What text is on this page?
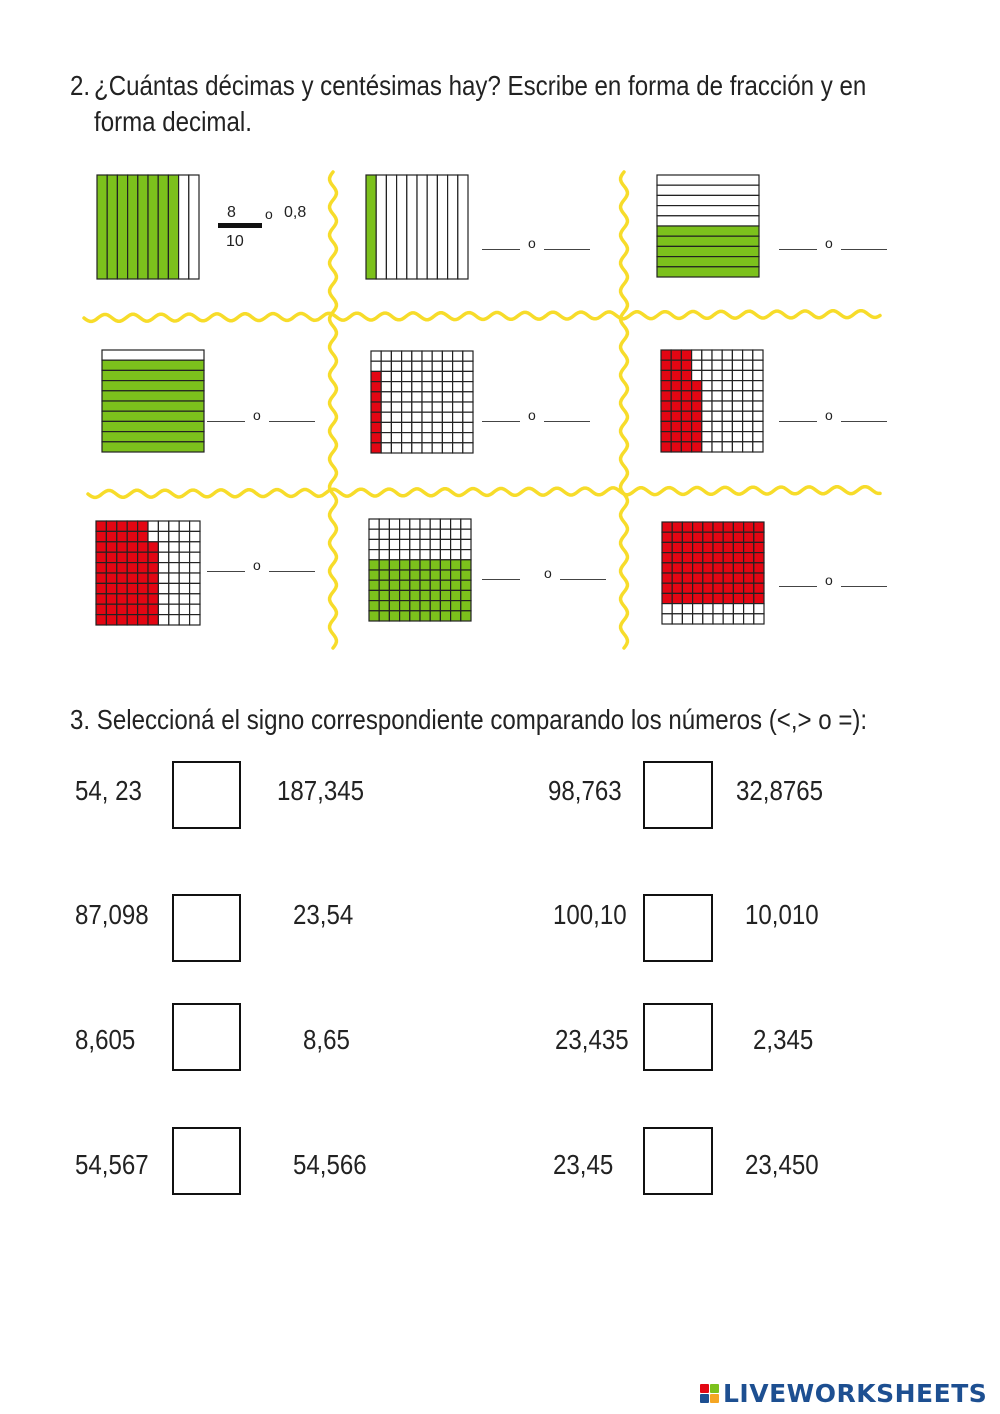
2. ¿Cuántas décimas y centésimas hay? Escribe en forma de fracción y en
forma decimal.
8
10
o 0,8
o	o
o	o	o
o	o	o
3. Seleccioná el signo correspondiente comparando los números (<,> o =):
54, 23	187,345	98,763	32,8765
87,098	23,54	100,10	10,010
8,605	8,65	23,435	2,345
54,567	54,566	23,45	23,450
LIVEWORKSHEETS
